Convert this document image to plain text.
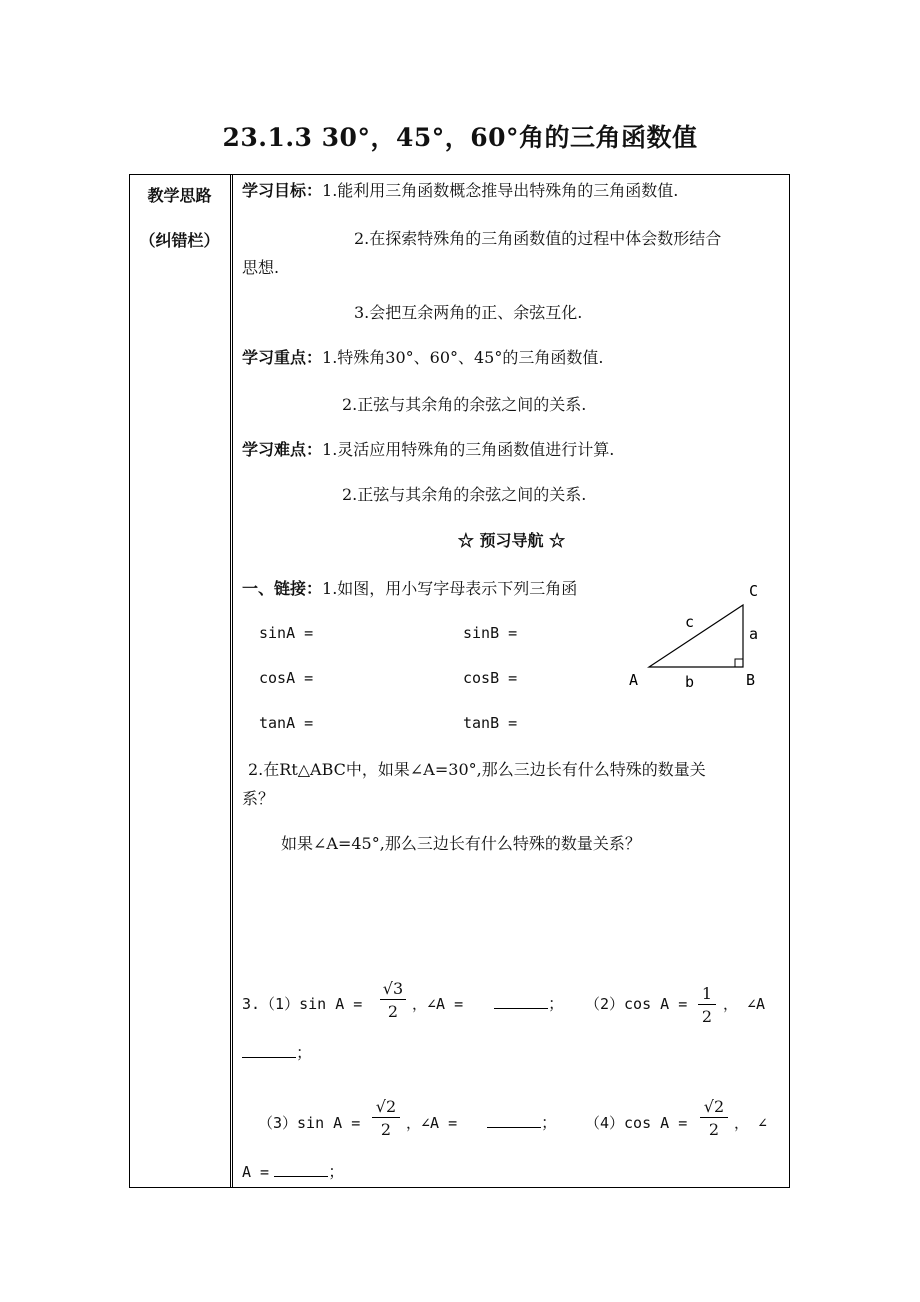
23.1.3 30°，45°，60°角的三角函数值
教学思路
（纠错栏）
学习目标：1.能利用三角函数概念推导出特殊角的三角函数值.
2.在探索特殊角的三角函数值的过程中体会数形结合
思想.
3.会把互余两角的正、余弦互化.
学习重点：1.特殊角30°、60°、45°的三角函数值.
2.正弦与其余角的余弦之间的关系.
学习难点：1.灵活应用特殊角的三角函数值进行计算.
2.正弦与其余角的余弦之间的关系.
☆ 预习导航 ☆
一、链接：1.如图，用小写字母表示下列三角函
sinA =	sinB =
cosA =	cosB =
tanA =	tanB =
C
A	B
a
b
c
2.在Rt△ABC中，如果∠A=30°,那么三边长有什么特殊的数量关
系？
如果∠A=45°,那么三边长有什么特殊的数量关系？
3.（1）sin $A = \frac{√3}{2}$ ，∠A =	； （2）cos $A = \frac{1}{2}$ ， ∠A
；
（3）sin $A = \frac{√2}{2}$ ，∠A =	； （4）cos $A = \frac{√2}{2}$ ， ∠
A =	；
